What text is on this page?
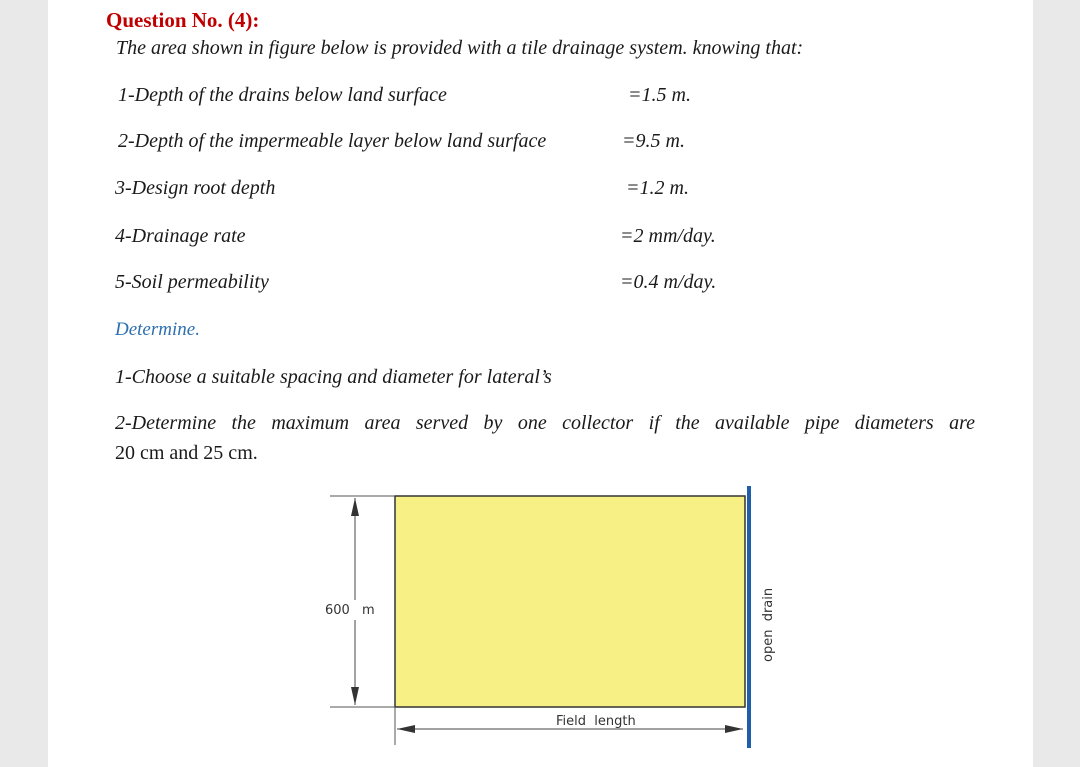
Question No. (4):
The area shown in figure below is provided with a tile drainage system. knowing that:
1-Depth of the drains below land surface	=1.5 m.
2-Depth of the impermeable layer below land surface	=9.5 m.
3-Design root depth	=1.2 m.
4-Drainage rate	=2 mm/day.
5-Soil permeability	=0.4 m/day.
Determine.
1-Choose a suitable spacing and diameter for lateral’s
2-Determine the maximum area served by one collector if the available pipe diameters are
20 cm and 25 cm.
600 m
Field  length
open  drain
